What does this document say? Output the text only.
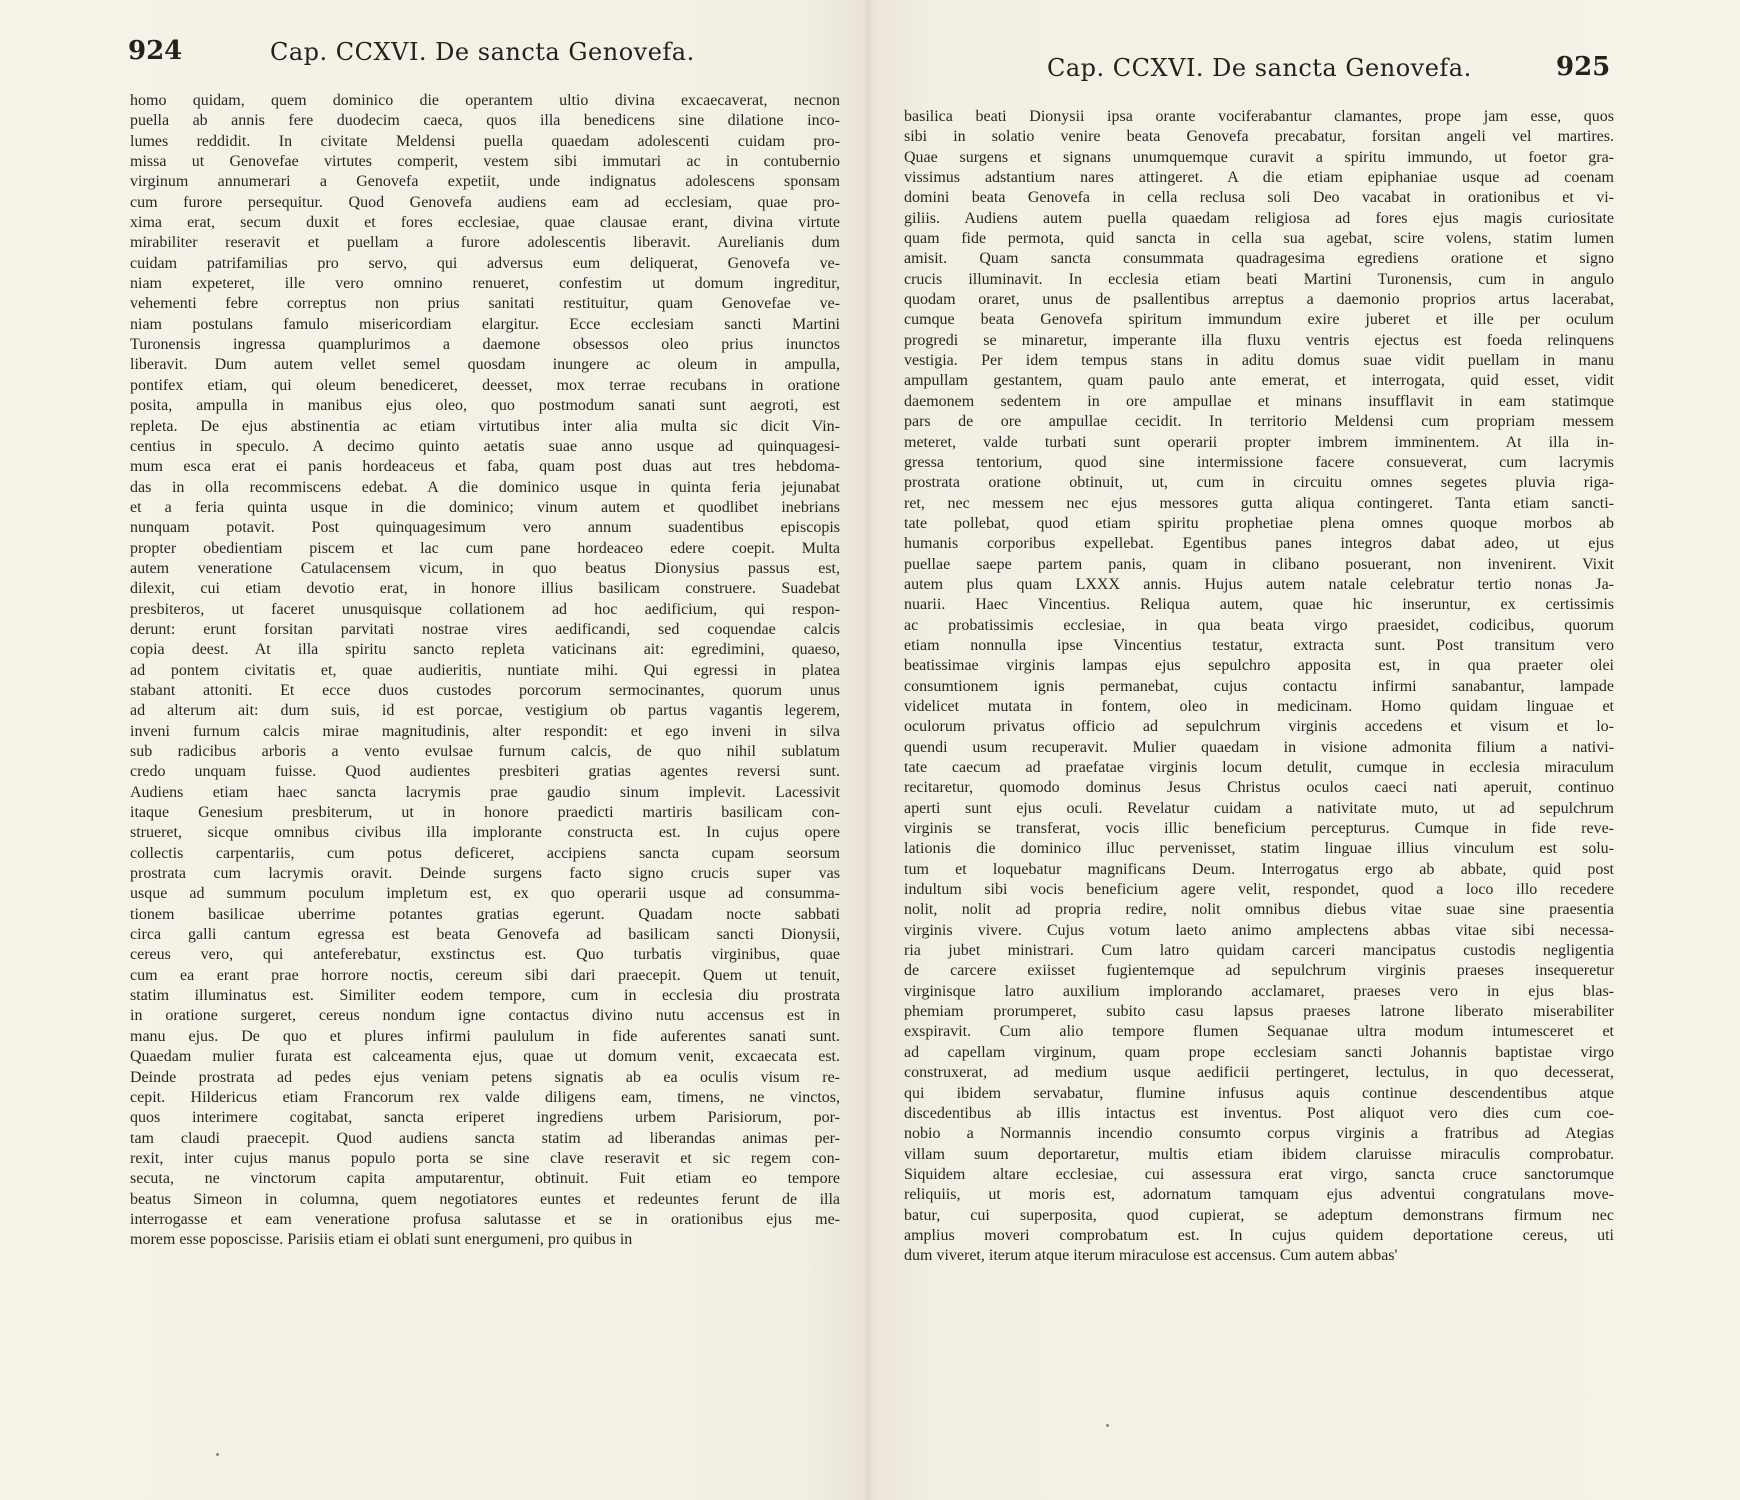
924	Cap. CCXVI. De sancta Genovefa.
homo quidam, quem dominico die operantem ultio divina excaecaverat, necnon
puella ab annis fere duodecim caeca, quos illa benedicens sine dilatione inco-
lumes reddidit. In civitate Meldensi puella quaedam adolescenti cuidam pro-
missa ut Genovefae virtutes comperit, vestem sibi immutari ac in contubernio
virginum annumerari a Genovefa expetiit, unde indignatus adolescens sponsam
cum furore persequitur. Quod Genovefa audiens eam ad ecclesiam, quae pro-
xima erat, secum duxit et fores ecclesiae, quae clausae erant, divina virtute
mirabiliter reseravit et puellam a furore adolescentis liberavit. Aurelianis dum
cuidam patrifamilias pro servo, qui adversus eum deliquerat, Genovefa ve-
niam expeteret, ille vero omnino renueret, confestim ut domum ingreditur,
vehementi febre correptus non prius sanitati restituitur, quam Genovefae ve-
niam postulans famulo misericordiam elargitur. Ecce ecclesiam sancti Martini
Turonensis ingressa quamplurimos a daemone obsessos oleo prius inunctos
liberavit. Dum autem vellet semel quosdam inungere ac oleum in ampulla,
pontifex etiam, qui oleum benediceret, deesset, mox terrae recubans in oratione
posita, ampulla in manibus ejus oleo, quo postmodum sanati sunt aegroti, est
repleta. De ejus abstinentia ac etiam virtutibus inter alia multa sic dicit Vin-
centius in speculo. A decimo quinto aetatis suae anno usque ad quinquagesi-
mum esca erat ei panis hordeaceus et faba, quam post duas aut tres hebdoma-
das in olla recommiscens edebat. A die dominico usque in quinta feria jejunabat
et a feria quinta usque in die dominico; vinum autem et quodlibet inebrians
nunquam potavit. Post quinquagesimum vero annum suadentibus episcopis
propter obedientiam piscem et lac cum pane hordeaceo edere coepit. Multa
autem veneratione Catulacensem vicum, in quo beatus Dionysius passus est,
dilexit, cui etiam devotio erat, in honore illius basilicam construere. Suadebat
presbiteros, ut faceret unusquisque collationem ad hoc aedificium, qui respon-
derunt: erunt forsitan parvitati nostrae vires aedificandi, sed coquendae calcis
copia deest. At illa spiritu sancto repleta vaticinans ait: egredimini, quaeso,
ad pontem civitatis et, quae audieritis, nuntiate mihi. Qui egressi in platea
stabant attoniti. Et ecce duos custodes porcorum sermocinantes, quorum unus
ad alterum ait: dum suis, id est porcae, vestigium ob partus vagantis legerem,
inveni furnum calcis mirae magnitudinis, alter respondit: et ego inveni in silva
sub radicibus arboris a vento evulsae furnum calcis, de quo nihil sublatum
credo unquam fuisse. Quod audientes presbiteri gratias agentes reversi sunt.
Audiens etiam haec sancta lacrymis prae gaudio sinum implevit. Lacessivit
itaque Genesium presbiterum, ut in honore praedicti martiris basilicam con-
strueret, sicque omnibus civibus illa implorante constructa est. In cujus opere
collectis carpentariis, cum potus deficeret, accipiens sancta cupam seorsum
prostrata cum lacrymis oravit. Deinde surgens facto signo crucis super vas
usque ad summum poculum impletum est, ex quo operarii usque ad consumma-
tionem basilicae uberrime potantes gratias egerunt. Quadam nocte sabbati
circa galli cantum egressa est beata Genovefa ad basilicam sancti Dionysii,
cereus vero, qui anteferebatur, exstinctus est. Quo turbatis virginibus, quae
cum ea erant prae horrore noctis, cereum sibi dari praecepit. Quem ut tenuit,
statim illuminatus est. Similiter eodem tempore, cum in ecclesia diu prostrata
in oratione surgeret, cereus nondum igne contactus divino nutu accensus est in
manu ejus. De quo et plures infirmi paululum in fide auferentes sanati sunt.
Quaedam mulier furata est calceamenta ejus, quae ut domum venit, excaecata est.
Deinde prostrata ad pedes ejus veniam petens signatis ab ea oculis visum re-
cepit. Hildericus etiam Francorum rex valde diligens eam, timens, ne vinctos,
quos interimere cogitabat, sancta eriperet ingrediens urbem Parisiorum, por-
tam claudi praecepit. Quod audiens sancta statim ad liberandas animas per-
rexit, inter cujus manus populo porta se sine clave reseravit et sic regem con-
secuta, ne vinctorum capita amputarentur, obtinuit. Fuit etiam eo tempore
beatus Simeon in columna, quem negotiatores euntes et redeuntes ferunt de illa
interrogasse et eam veneratione profusa salutasse et se in orationibus ejus me-
morem esse poposcisse. Parisiis etiam ei oblati sunt energumeni, pro quibus in
925
Cap. CCXVI. De sancta Genovefa.
basilica beati Dionysii ipsa orante vociferabantur clamantes, prope jam esse, quos
sibi in solatio venire beata Genovefa precabatur, forsitan angeli vel martires.
Quae surgens et signans unumquemque curavit a spiritu immundo, ut foetor gra-
vissimus adstantium nares attingeret. A die etiam epiphaniae usque ad coenam
domini beata Genovefa in cella reclusa soli Deo vacabat in orationibus et vi-
giliis. Audiens autem puella quaedam religiosa ad fores ejus magis curiositate
quam fide permota, quid sancta in cella sua agebat, scire volens, statim lumen
amisit. Quam sancta consummata quadragesima egrediens oratione et signo
crucis illuminavit. In ecclesia etiam beati Martini Turonensis, cum in angulo
quodam oraret, unus de psallentibus arreptus a daemonio proprios artus lacerabat,
cumque beata Genovefa spiritum immundum exire juberet et ille per oculum
progredi se minaretur, imperante illa fluxu ventris ejectus est foeda relinquens
vestigia. Per idem tempus stans in aditu domus suae vidit puellam in manu
ampullam gestantem, quam paulo ante emerat, et interrogata, quid esset, vidit
daemonem sedentem in ore ampullae et minans insufflavit in eam statimque
pars de ore ampullae cecidit. In territorio Meldensi cum propriam messem
meteret, valde turbati sunt operarii propter imbrem imminentem. At illa in-
gressa tentorium, quod sine intermissione facere consueverat, cum lacrymis
prostrata oratione obtinuit, ut, cum in circuitu omnes segetes pluvia riga-
ret, nec messem nec ejus messores gutta aliqua contingeret. Tanta etiam sancti-
tate pollebat, quod etiam spiritu prophetiae plena omnes quoque morbos ab
humanis corporibus expellebat. Egentibus panes integros dabat adeo, ut ejus
puellae saepe partem panis, quam in clibano posuerant, non invenirent. Vixit
autem plus quam LXXX annis. Hujus autem natale celebratur tertio nonas Ja-
nuarii. Haec Vincentius. Reliqua autem, quae hic inseruntur, ex certissimis
ac probatissimis ecclesiae, in qua beata virgo praesidet, codicibus, quorum
etiam nonnulla ipse Vincentius testatur, extracta sunt. Post transitum vero
beatissimae virginis lampas ejus sepulchro apposita est, in qua praeter olei
consumtionem ignis permanebat, cujus contactu infirmi sanabantur, lampade
videlicet mutata in fontem, oleo in medicinam. Homo quidam linguae et
oculorum privatus officio ad sepulchrum virginis accedens et visum et lo-
quendi usum recuperavit. Mulier quaedam in visione admonita filium a nativi-
tate caecum ad praefatae virginis locum detulit, cumque in ecclesia miraculum
recitaretur, quomodo dominus Jesus Christus oculos caeci nati aperuit, continuo
aperti sunt ejus oculi. Revelatur cuidam a nativitate muto, ut ad sepulchrum
virginis se transferat, vocis illic beneficium percepturus. Cumque in fide reve-
lationis die dominico illuc pervenisset, statim linguae illius vinculum est solu-
tum et loquebatur magnificans Deum. Interrogatus ergo ab abbate, quid post
indultum sibi vocis beneficium agere velit, respondet, quod a loco illo recedere
nolit, nolit ad propria redire, nolit omnibus diebus vitae suae sine praesentia
virginis vivere. Cujus votum laeto animo amplectens abbas vitae sibi necessa-
ria jubet ministrari. Cum latro quidam carceri mancipatus custodis negligentia
de carcere exiisset fugientemque ad sepulchrum virginis praeses insequeretur
virginisque latro auxilium implorando acclamaret, praeses vero in ejus blas-
phemiam prorumperet, subito casu lapsus praeses latrone liberato miserabiliter
exspiravit. Cum alio tempore flumen Sequanae ultra modum intumesceret et
ad capellam virginum, quam prope ecclesiam sancti Johannis baptistae virgo
construxerat, ad medium usque aedificii pertingeret, lectulus, in quo decesserat,
qui ibidem servabatur, flumine infusus aquis continue descendentibus atque
discedentibus ab illis intactus est inventus. Post aliquot vero dies cum coe-
nobio a Normannis incendio consumto corpus virginis a fratribus ad Ategias
villam suum deportaretur, multis etiam ibidem claruisse miraculis comprobatur.
Siquidem altare ecclesiae, cui assessura erat virgo, sancta cruce sanctorumque
reliquiis, ut moris est, adornatum tamquam ejus adventui congratulans move-
batur, cui superposita, quod cupierat, se adeptum demonstrans firmum nec
amplius moveri comprobatum est. In cujus quidem deportatione cereus, uti
dum viveret, iterum atque iterum miraculose est accensus. Cum autem abbas'
